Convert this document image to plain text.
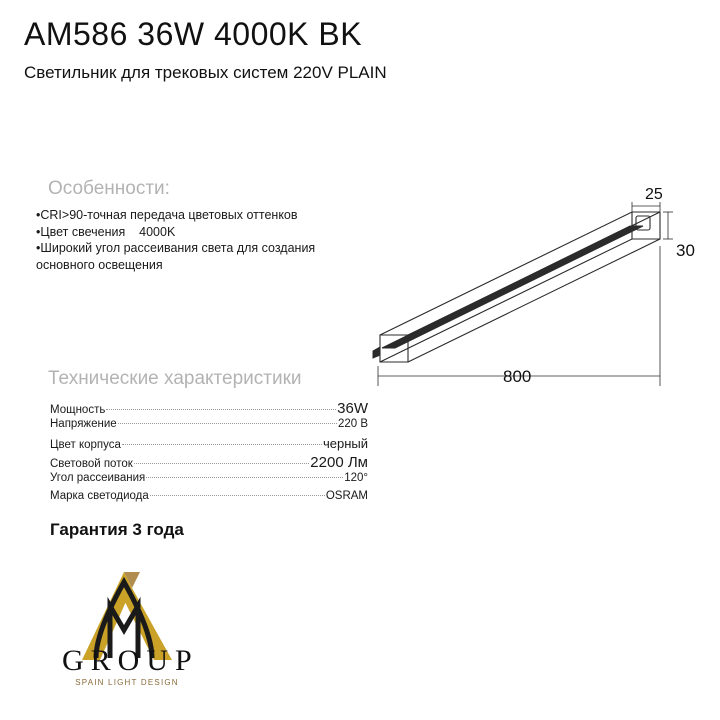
AM586 36W 4000K BK
Светильник для трековых систем 220V PLAIN
Особенности:
•CRI>90-точная передача цветовых оттенков
•Цвет свечения    4000K
•Широкий угол рассеивания света для создания основного освещения
Технические характеристики
Мощность	36W
Напряжение	220 В
Цвет корпуса	черный
Световой поток	2200 Лм
Угол рассеивания	120°
Марка светодиода	OSRAM
Гарантия 3 года
GROUP
SPAIN LIGHT DESIGN
25
30
800
